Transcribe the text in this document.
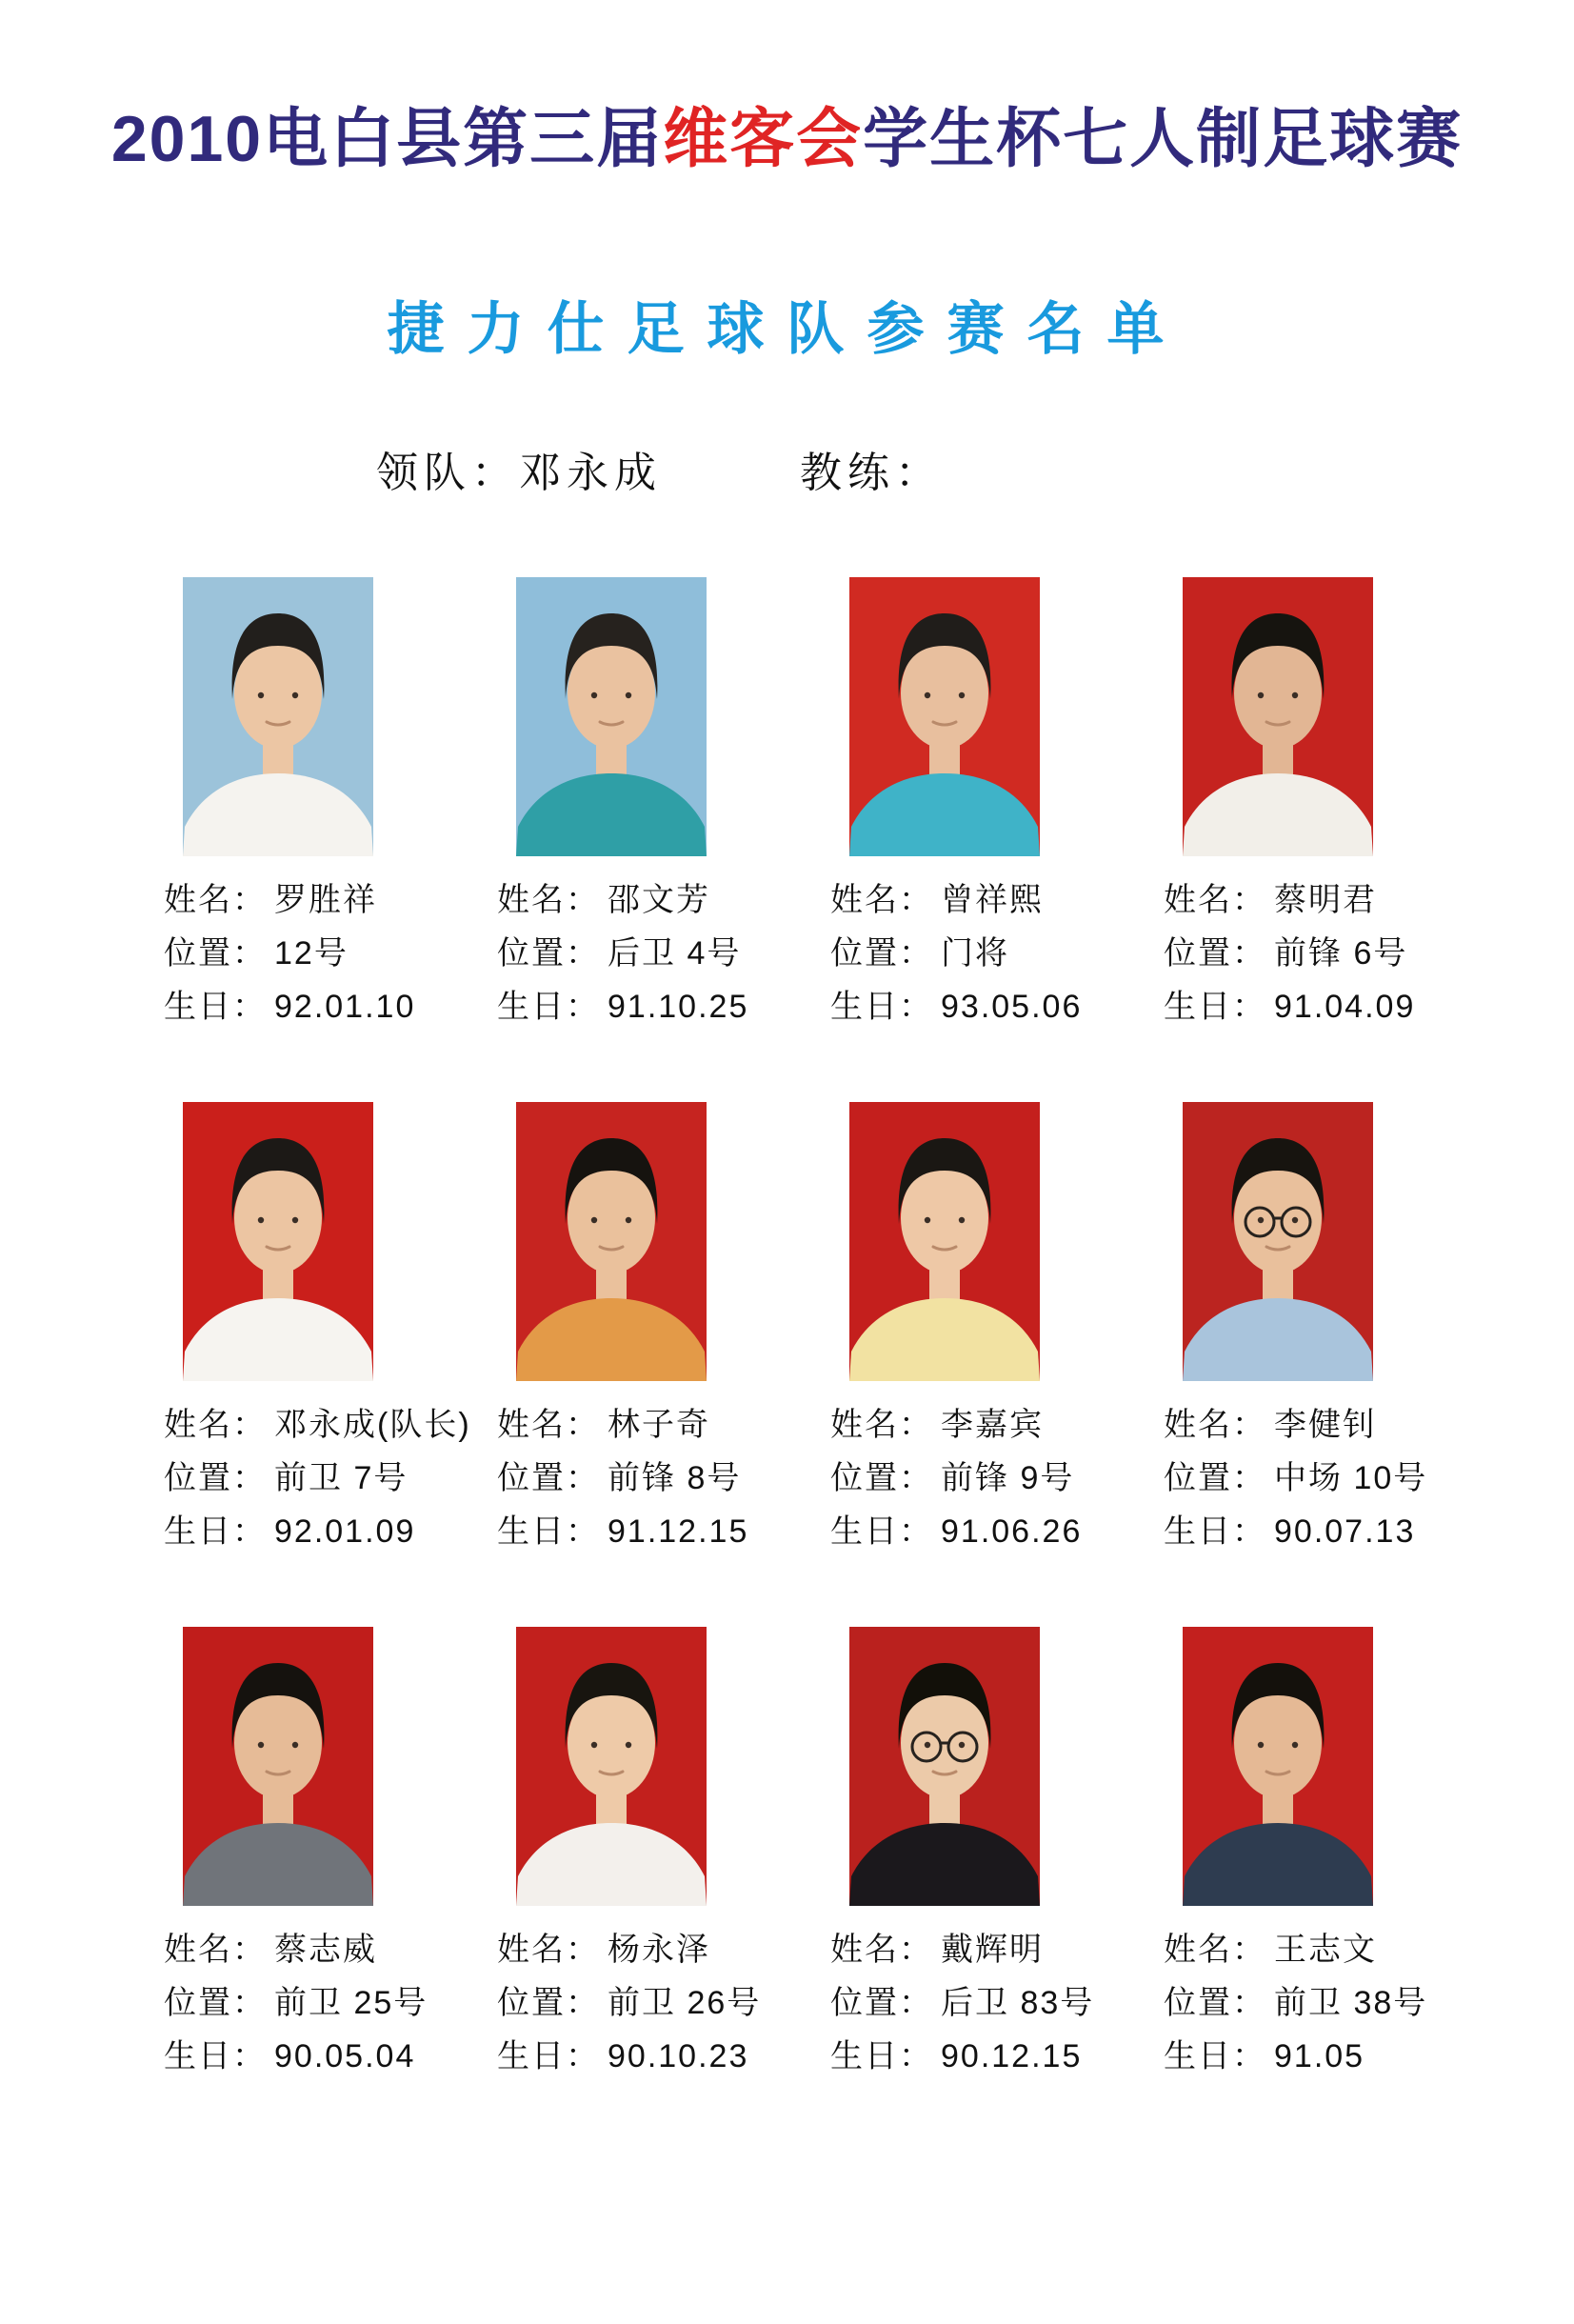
2010电白县第三届维客会学生杯七人制足球赛
捷力仕足球队参赛名单
领队： 邓永成	教练：
姓名： 罗胜祥
位置： 12号
生日： 92.01.10
姓名： 邵文芳
位置： 后卫 4号
生日： 91.10.25
姓名： 曾祥熙
位置： 门将
生日： 93.05.06
姓名： 蔡明君
位置： 前锋 6号
生日： 91.04.09
姓名： 邓永成(队长)
位置： 前卫 7号
生日： 92.01.09
姓名： 林子奇
位置： 前锋 8号
生日： 91.12.15
姓名： 李嘉宾
位置： 前锋 9号
生日： 91.06.26
姓名： 李健钊
位置： 中场 10号
生日： 90.07.13
姓名： 蔡志威
位置： 前卫 25号
生日： 90.05.04
姓名： 杨永泽
位置： 前卫 26号
生日： 90.10.23
姓名： 戴辉明
位置： 后卫 83号
生日： 90.12.15
姓名： 王志文
位置： 前卫 38号
生日： 91.05
